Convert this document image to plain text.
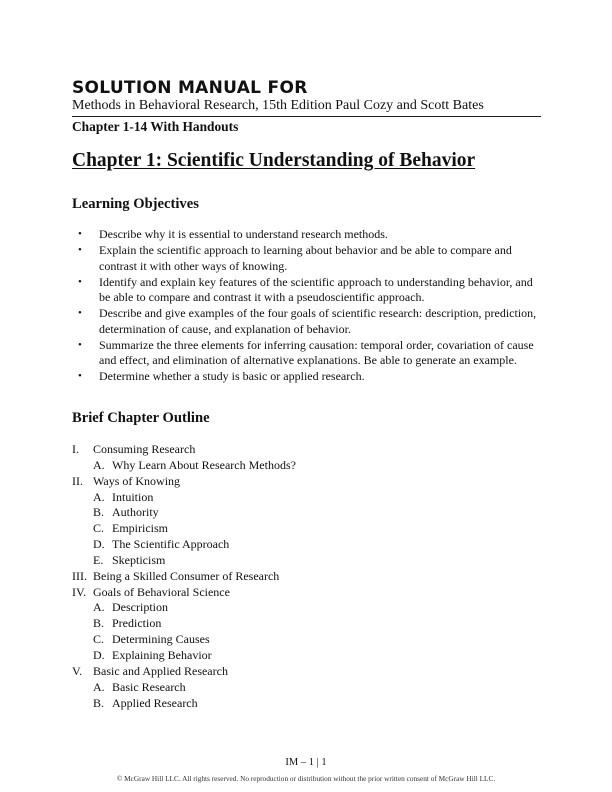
SOLUTION MANUAL FOR
Methods in Behavioral Research, 15th Edition Paul Cozy and Scott Bates
Chapter 1-14 With Handouts
Chapter 1: Scientific Understanding of Behavior
Learning Objectives
• Describe why it is essential to understand research methods.
• Explain the scientific approach to learning about behavior and be able to compare and
contrast it with other ways of knowing.
• Identify and explain key features of the scientific approach to understanding behavior, and
be able to compare and contrast it with a pseudoscientific approach.
• Describe and give examples of the four goals of scientific research: description, prediction,
determination of cause, and explanation of behavior.
• Summarize the three elements for inferring causation: temporal order, covariation of cause
and effect, and elimination of alternative explanations. Be able to generate an example.
• Determine whether a study is basic or applied research.
Brief Chapter Outline
I. Consuming Research
A. Why Learn About Research Methods?
II. Ways of Knowing
A. Intuition
B. Authority
C. Empiricism
D. The Scientific Approach
E. Skepticism
III. Being a Skilled Consumer of Research
IV. Goals of Behavioral Science
A. Description
B. Prediction
C. Determining Causes
D. Explaining Behavior
V. Basic and Applied Research
A. Basic Research
B. Applied Research
IM – 1 | 1
© McGraw Hill LLC. All rights reserved. No reproduction or distribution without the prior written consent of McGraw Hill LLC.
